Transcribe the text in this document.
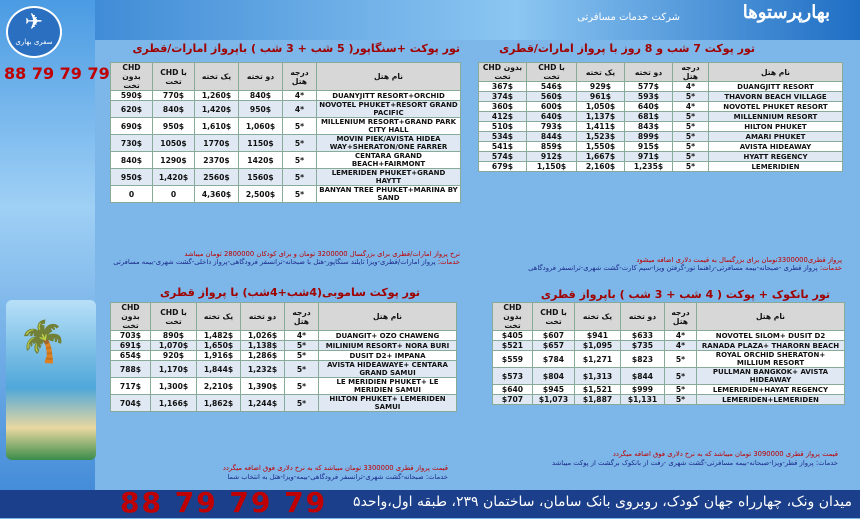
✈
سفری بهاری
88 79 79 79
بهارپرستوها
شرکت خدمات مسافرتی
🌴
تور پوکت 7 شب و 8 روز با پرواز امارات/قطری
CHD بدون تخت	CHD با تخت	یک تخته	دو تخته	درجه هتل	نام هتل
367$	546$	929$	577$	4*	DUANGJITT RESORT
374$	560$	961$	593$	5*	THAVORN BEACH VILLAGE
360$	600$	1,050$	640$	4*	NOVOTEL PHUKET RESORT
412$	640$	1,137$	681$	5*	MILLENNIUM RESORT
510$	793$	1,411$	843$	5*	HILTON PHUKET
534$	844$	1,523$	899$	5*	AMARI PHUKET
541$	859$	1,550$	915$	5*	AVISTA HIDEAWAY
574$	912$	1,667$	971$	5*	HYATT REGENCY
679$	1,150$	2,160$	1,235$	5*	LEMERIDIEN
پرواز قطری3300000تومان برای بزرگسال به قیمت دلاری اضافه میشود
خدمات: پرواز قطری -صبحانه-بیمه مسافرتی-راهنما تور-گرفتن ویزا-سیم کارت-گشت شهری-ترانسفر فرودگاهی
تور پوکت +سنگاپور( 5 شب + 3 شب ) باپرواز امارات/قطری
CHD بدون تخت	CHD با تخت	یک تخته	دو تخته	درجه هتل	نام هتل
590$	770$	1,260$	840$	4*	DUANYJITT RESORT+ORCHID
620$	840$	1,420$	950$	4*	NOVOTEL PHUKET+RESORT GRAND PACIFIC
690$	950$	1,610$	1,060$	5*	MILLENIUM RESORT+GRAND PARK CITY HALL
730$	1050$	1770$	1150$	5*	MOVIN PIEK/AVISTA HIDEA WAY+SHERATON/ONE FARRER
840$	1290$	2370$	1420$	5*	CENTARA GRAND BEACH+FAIRMONT
950$	1,420$	2560$	1560$	5*	LEMERIDEN PHUKET+GRAND HAYTT
0	0	4,360$	2,500$	5*	BANYAN TREE PHUKET+MARINA BY SAND
نرخ پرواز امارات/قطری برای بزرگسال 3200000 تومان و برای کودکان 2800000 تومان میباشد
خدمات: پرواز امارات/قطری-ویزا تایلند سنگاپور-هتل با صبحانه-ترانسفر فرودگاهی-پرواز داخلی-گشت شهری-بیمه مسافرتی
تور پوکت ساموبی(4شب+4شب) با پرواز قطری
CHD بدون تخت	CHD با تخت	یک تخته	دو تخته	درجه هتل	نام هتل
703$	890$	1,482$	1,026$	4*	DUANGIT+ OZO CHAWENG
691$	1,070$	1,650$	1,138$	5*	MILINIUM RESORT+ NORA BURI
654$	920$	1,916$	1,286$	5*	DUSIT D2+ IMPANA
788$	1,170$	1,844$	1,232$	5*	AVISTA HIDEAWAYE+ CENTARA GRAND SAMUI
717$	1,300$	2,210$	1,390$	5*	LE MERIDIEN PHUKET+ LE MERIDIEN SAMUI
704$	1,166$	1,862$	1,244$	5*	HILTON PHUKET+ LEMERIDEN SAMUI
قیمت پرواز قطری 3300000 تومان میباشد که به نرخ دلاری فوق اضافه میگردد
خدمات: صبحانه-گشت شهری-ترانسفر فرودگاهی-بیمه-ویزا-هتل به انتخاب شما
تور بانکوک + پوکت ( 4 شب + 3 شب ) باپرواز قطری
CHD بدون تخت	CHD با تخت	یک تخته	دو تخته	درجه هتل	نام هتل
$405	$607	$941	$633	4*	NOVOTEL SILOM+ DUSIT D2
$521	$657	$1,095	$735	4*	RANADA PLAZA+ THARORN BEACH
$559	$784	$1,271	$823	5*	ROYAL ORCHID SHERATON+ MILLIUM RESORT
$573	$804	$1,313	$844	5*	PULLMAN BANGKOK+ AVISTA HIDEAWAY
$640	$945	$1,521	$999	5*	LEMERIDEN+HAYAT REGENCY
$707	$1,073	$1,887	$1,131	5*	LEMERIDEN+LEMERIDEN
قیمت پرواز قطری 3090000 تومان میباشد که به نرخ دلاری فوق اضافه میگردد
خدمات: پرواز قطر-ویزا-صبحانه-بیمه مسافرتی-گشت شهری -رفت از بانکوک برگشت از پوکت میباشد
88 79 79 79 میدان ونک، چهارراه جهان کودک، روبروی بانک سامان، ساختمان ۲۳۹، طبقه اول،واحد۵
